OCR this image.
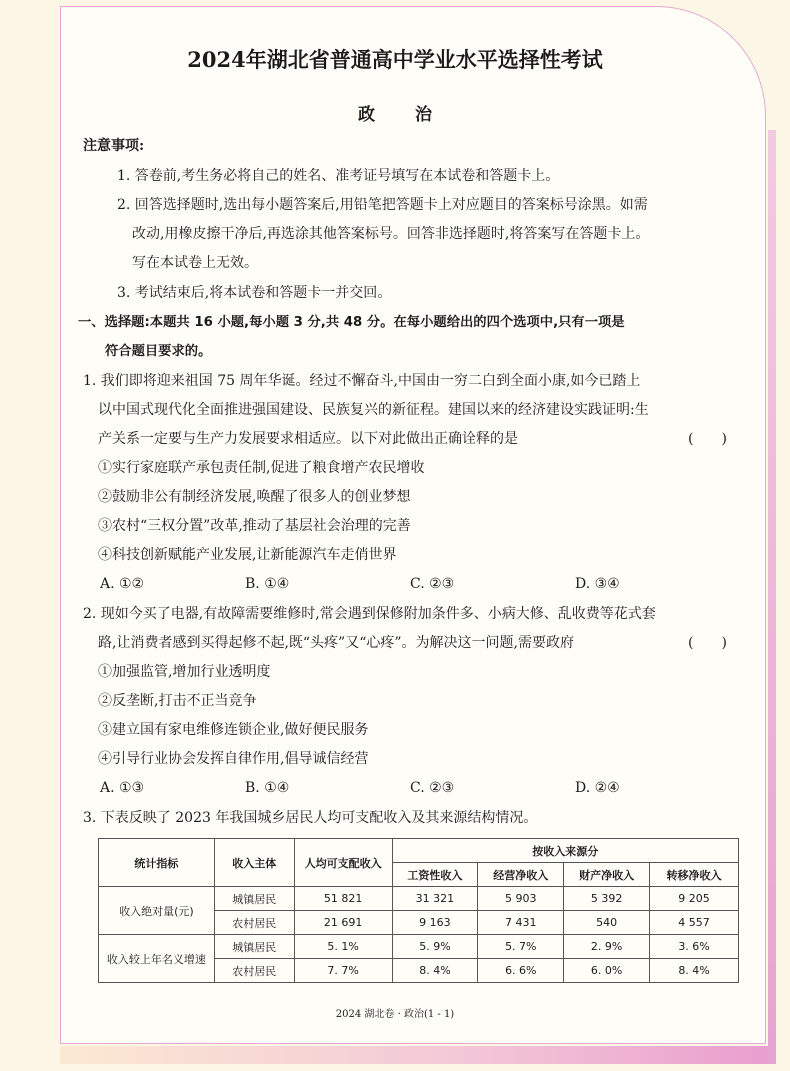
2024年湖北省普通高中学业水平选择性考试
政治
注意事项:
1. 答卷前,考生务必将自己的姓名、准考证号填写在本试卷和答题卡上。
2. 回答选择题时,选出每小题答案后,用铅笔把答题卡上对应题目的答案标号涂黑。如需
改动,用橡皮擦干净后,再选涂其他答案标号。回答非选择题时,将答案写在答题卡上。
写在本试卷上无效。
3. 考试结束后,将本试卷和答题卡一并交回。
一、选择题:本题共 16 小题,每小题 3 分,共 48 分。在每小题给出的四个选项中,只有一项是
符合题目要求的。
1. 我们即将迎来祖国 75 周年华诞。经过不懈奋斗,中国由一穷二白到全面小康,如今已踏上
以中国式现代化全面推进强国建设、民族复兴的新征程。建国以来的经济建设实践证明:生
产关系一定要与生产力发展要求相适应。以下对此做出正确诠释的是	(　　)
①实行家庭联产承包责任制,促进了粮食增产农民增收
②鼓励非公有制经济发展,唤醒了很多人的创业梦想
③农村“三权分置”改革,推动了基层社会治理的完善
④科技创新赋能产业发展,让新能源汽车走俏世界
A. ①②	B. ①④	C. ②③	D. ③④
2. 现如今买了电器,有故障需要维修时,常会遇到保修附加条件多、小病大修、乱收费等花式套
路,让消费者感到买得起修不起,既“头疼”又“心疼”。为解决这一问题,需要政府	(　　)
①加强监管,增加行业透明度
②反垄断,打击不正当竞争
③建立国有家电维修连锁企业,做好便民服务
④引导行业协会发挥自律作用,倡导诚信经营
A. ①③	B. ①④	C. ②③	D. ②④
3. 下表反映了 2023 年我国城乡居民人均可支配收入及其来源结构情况。
统计指标	收入主体	人均可支配收入	按收入来源分			
			工资性收入	经营净收入	财产净收入	转移净收入
收入绝对量(元)	城镇居民	51 821	31 321	5 903	5 392	9 205
	农村居民	21 691	9 163	7 431	540	4 557
收入较上年名义增速	城镇居民	5. 1%	5. 9%	5. 7%	2. 9%	3. 6%
	农村居民	7. 7%	8. 4%	6. 6%	6. 0%	8. 4%
2024 湖北卷 · 政治(1 - 1)
